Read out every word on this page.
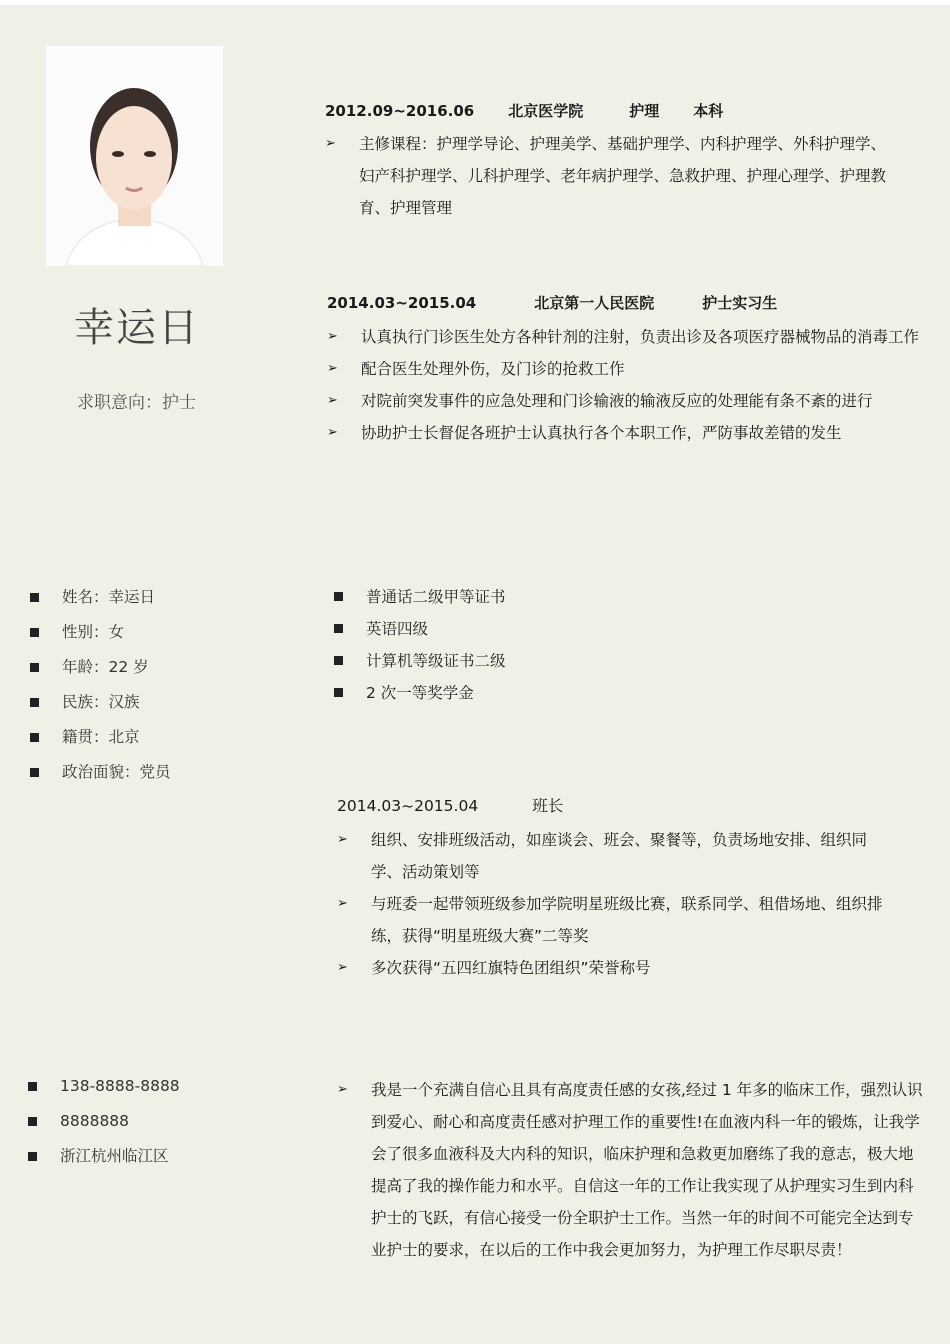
幸运日
求职意向：护士
2012.09~2016.06 北京医学院	护理 本科
➢ 主修课程：护理学导论、护理美学、基础护理学、内科护理学、外科护理学、妇产科护理学、儿科护理学、老年病护理学、急救护理、护理心理学、护理教育、护理管理
2014.03~2015.04	北京第一人民医院	护士实习生
➢ 认真执行门诊医生处方各种针剂的注射，负责出诊及各项医疗器械物品的消毒工作
➢ 配合医生处理外伤，及门诊的抢救工作
➢ 对院前突发事件的应急处理和门诊输液的输液反应的处理能有条不紊的进行
➢ 协助护士长督促各班护士认真执行各个本职工作，严防事故差错的发生
姓名：幸运日
性别：女
年龄：22 岁
民族：汉族
籍贯：北京
政治面貌：党员
普通话二级甲等证书
英语四级
计算机等级证书二级
2 次一等奖学金
2014.03~2015.04	班长
➢ 组织、安排班级活动，如座谈会、班会、聚餐等，负责场地安排、组织同学、活动策划等
➢ 与班委一起带领班级参加学院明星班级比赛，联系同学、租借场地、组织排练，获得“明星班级大赛”二等奖
➢ 多次获得“五四红旗特色团组织”荣誉称号
138-8888-8888
8888888
浙江杭州临江区
➢ 我是一个充满自信心且具有高度责任感的女孩,经过 1 年多的临床工作，强烈认识到爱心、耐心和高度责任感对护理工作的重要性!在血液内科一年的锻炼，让我学会了很多血液科及大内科的知识，临床护理和急救更加磨练了我的意志，极大地提高了我的操作能力和水平。自信这一年的工作让我实现了从护理实习生到内科护士的飞跃，有信心接受一份全职护士工作。当然一年的时间不可能完全达到专业护士的要求，在以后的工作中我会更加努力，为护理工作尽职尽责！
